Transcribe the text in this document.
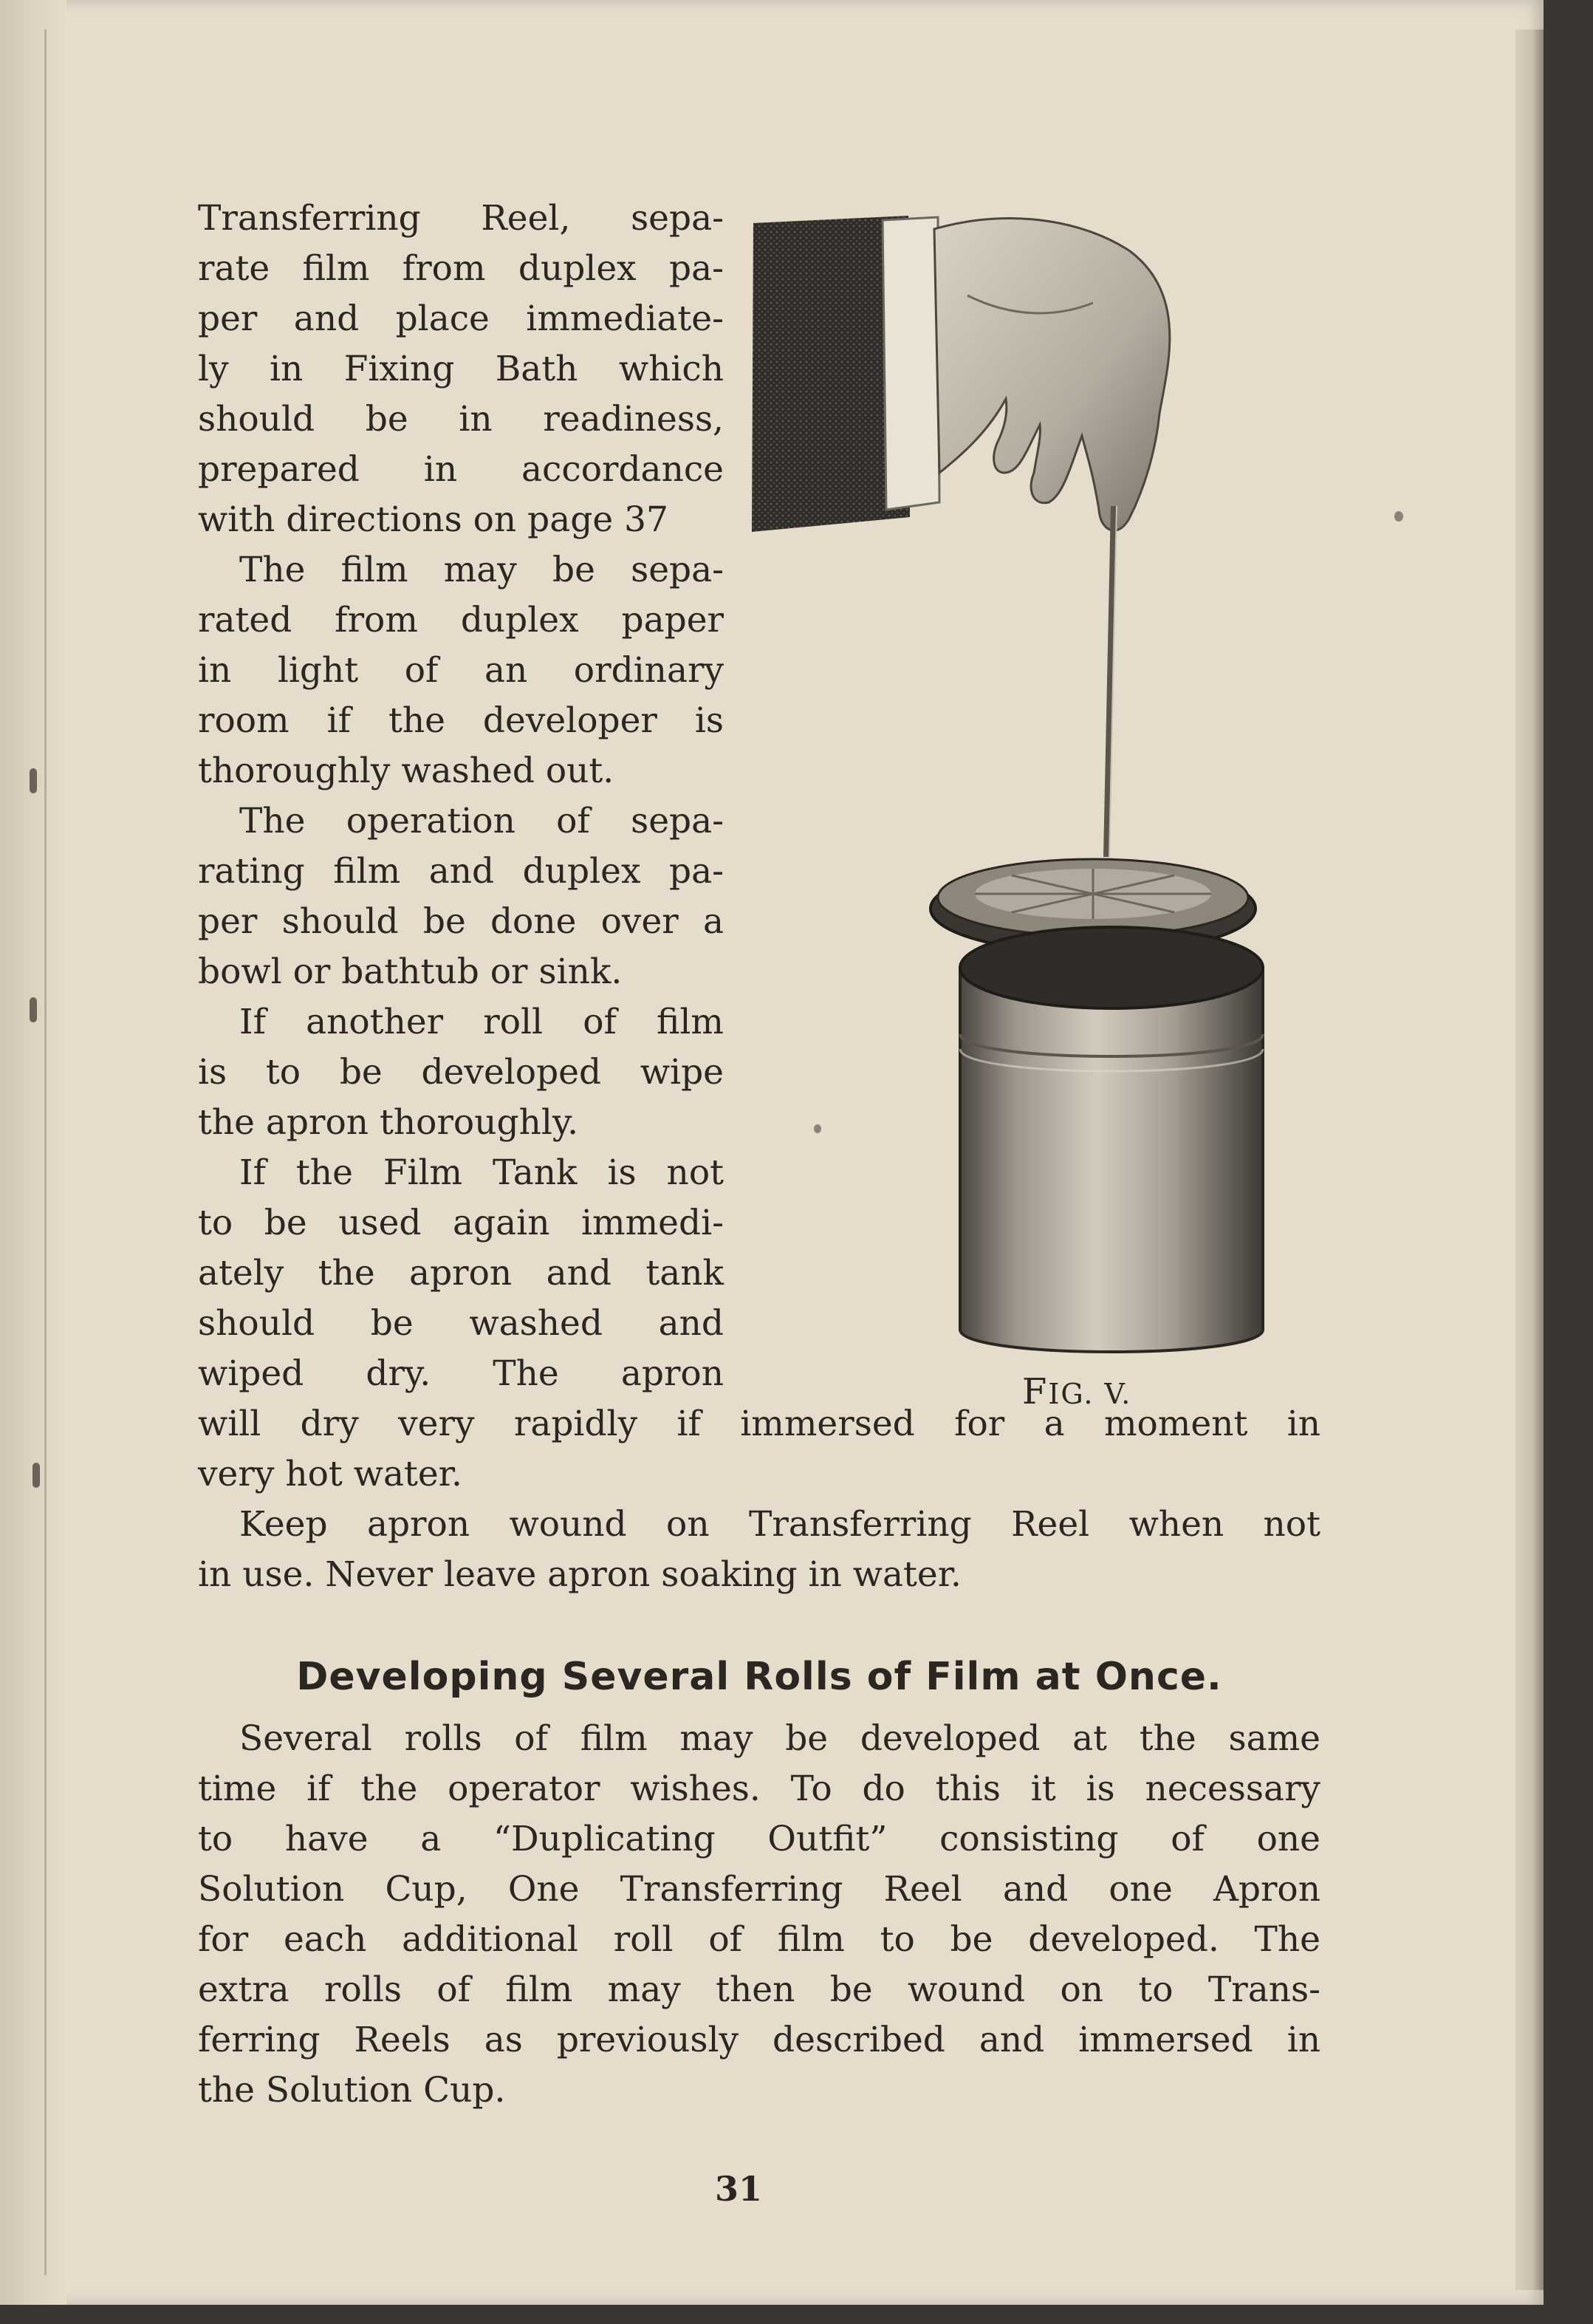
Transferring Reel, sepa-
rate film from duplex pa-
per and place immediate-
ly in Fixing Bath which
should be in readiness,
prepared in accordance
with directions on page 37
The film may be sepa-
rated from duplex paper
in light of an ordinary
room if the developer is
thoroughly washed out.
The operation of sepa-
rating film and duplex pa-
per should be done over a
bowl or bathtub or sink.
If another roll of film
is to be developed wipe
the apron thoroughly.
If the Film Tank is not
to be used again immedi-
ately the apron and tank
should be washed and
wiped dry. The apron	FIG. V.
will dry very rapidly if immersed for a moment in
very hot water.
Keep apron wound on Transferring Reel when not
in use. Never leave apron soaking in water.
Developing Several Rolls of Film at Once.
Several rolls of film may be developed at the same
time if the operator wishes. To do this it is necessary
to have a “Duplicating Outfit” consisting of one
Solution Cup, One Transferring Reel and one Apron
for each additional roll of film to be developed. The
extra rolls of film may then be wound on to Trans-
ferring Reels as previously described and immersed in
the Solution Cup.
31
